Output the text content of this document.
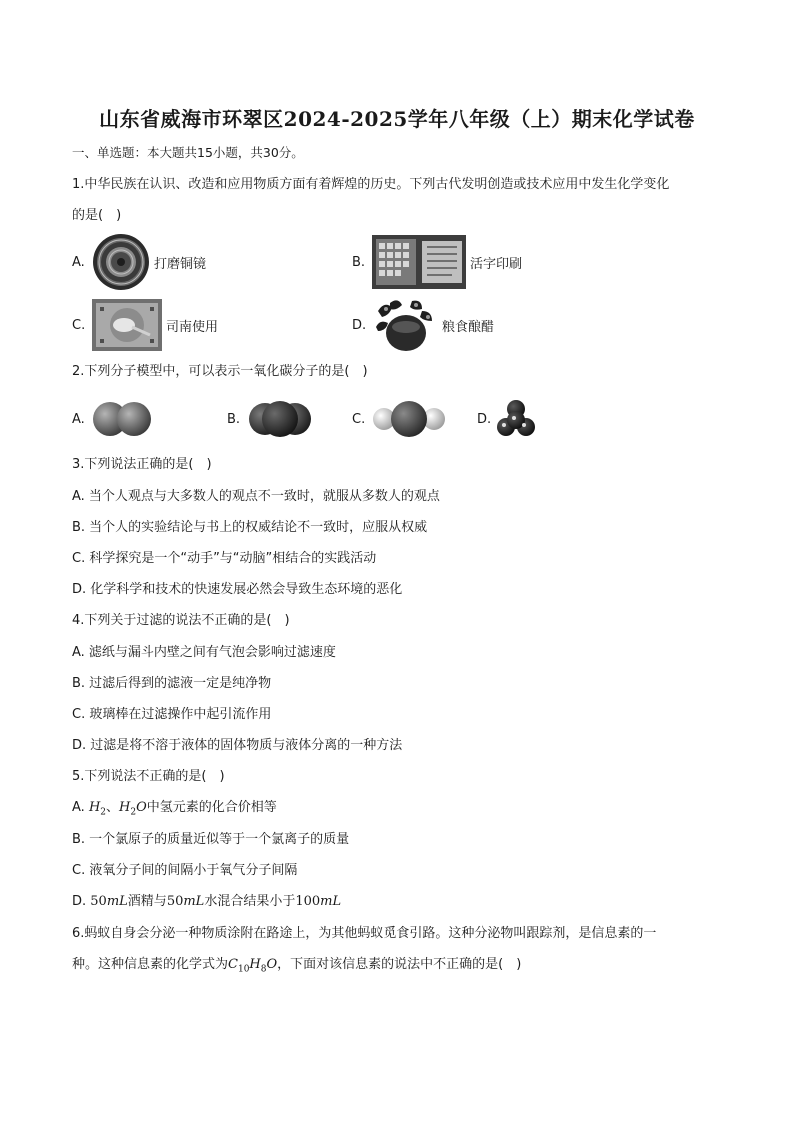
山东省威海市环翠区2024-2025学年八年级（上）期末化学试卷
一、单选题：本大题共15小题，共30分。
1.中华民族在认识、改造和应用物质方面有着辉煌的历史。下列古代发明创造或技术应用中发生化学变化
的是( )
A.	打磨铜镜	B.	活字印刷
C.	司南使用	D.	粮食酿醋
2.下列分子模型中，可以表示一氧化碳分子的是( )
A.	B.	C.	D.
3.下列说法正确的是( )
A. 当个人观点与大多数人的观点不一致时，就服从多数人的观点
B. 当个人的实验结论与书上的权威结论不一致时，应服从权威
C. 科学探究是一个“动手”与“动脑”相结合的实践活动
D. 化学科学和技术的快速发展必然会导致生态环境的恶化
4.下列关于过滤的说法不正确的是( )
A. 滤纸与漏斗内壁之间有气泡会影响过滤速度
B. 过滤后得到的滤液一定是纯净物
C. 玻璃棒在过滤操作中起引流作用
D. 过滤是将不溶于液体的固体物质与液体分离的一种方法
5.下列说法不正确的是( )
A. $H_2$、$H_2O$中氢元素的化合价相等
B. 一个氯原子的质量近似等于一个氯离子的质量
C. 液氧分子间的间隔小于氧气分子间隔
D. 50mL酒精与50mL水混合结果小于100mL
6.蚂蚁自身会分泌一种物质涂附在路途上，为其他蚂蚁觅食引路。这种分泌物叫跟踪剂，是信息素的一
种。这种信息素的化学式为$C_{10}H_8O$，下面对该信息素的说法中不正确的是( )
